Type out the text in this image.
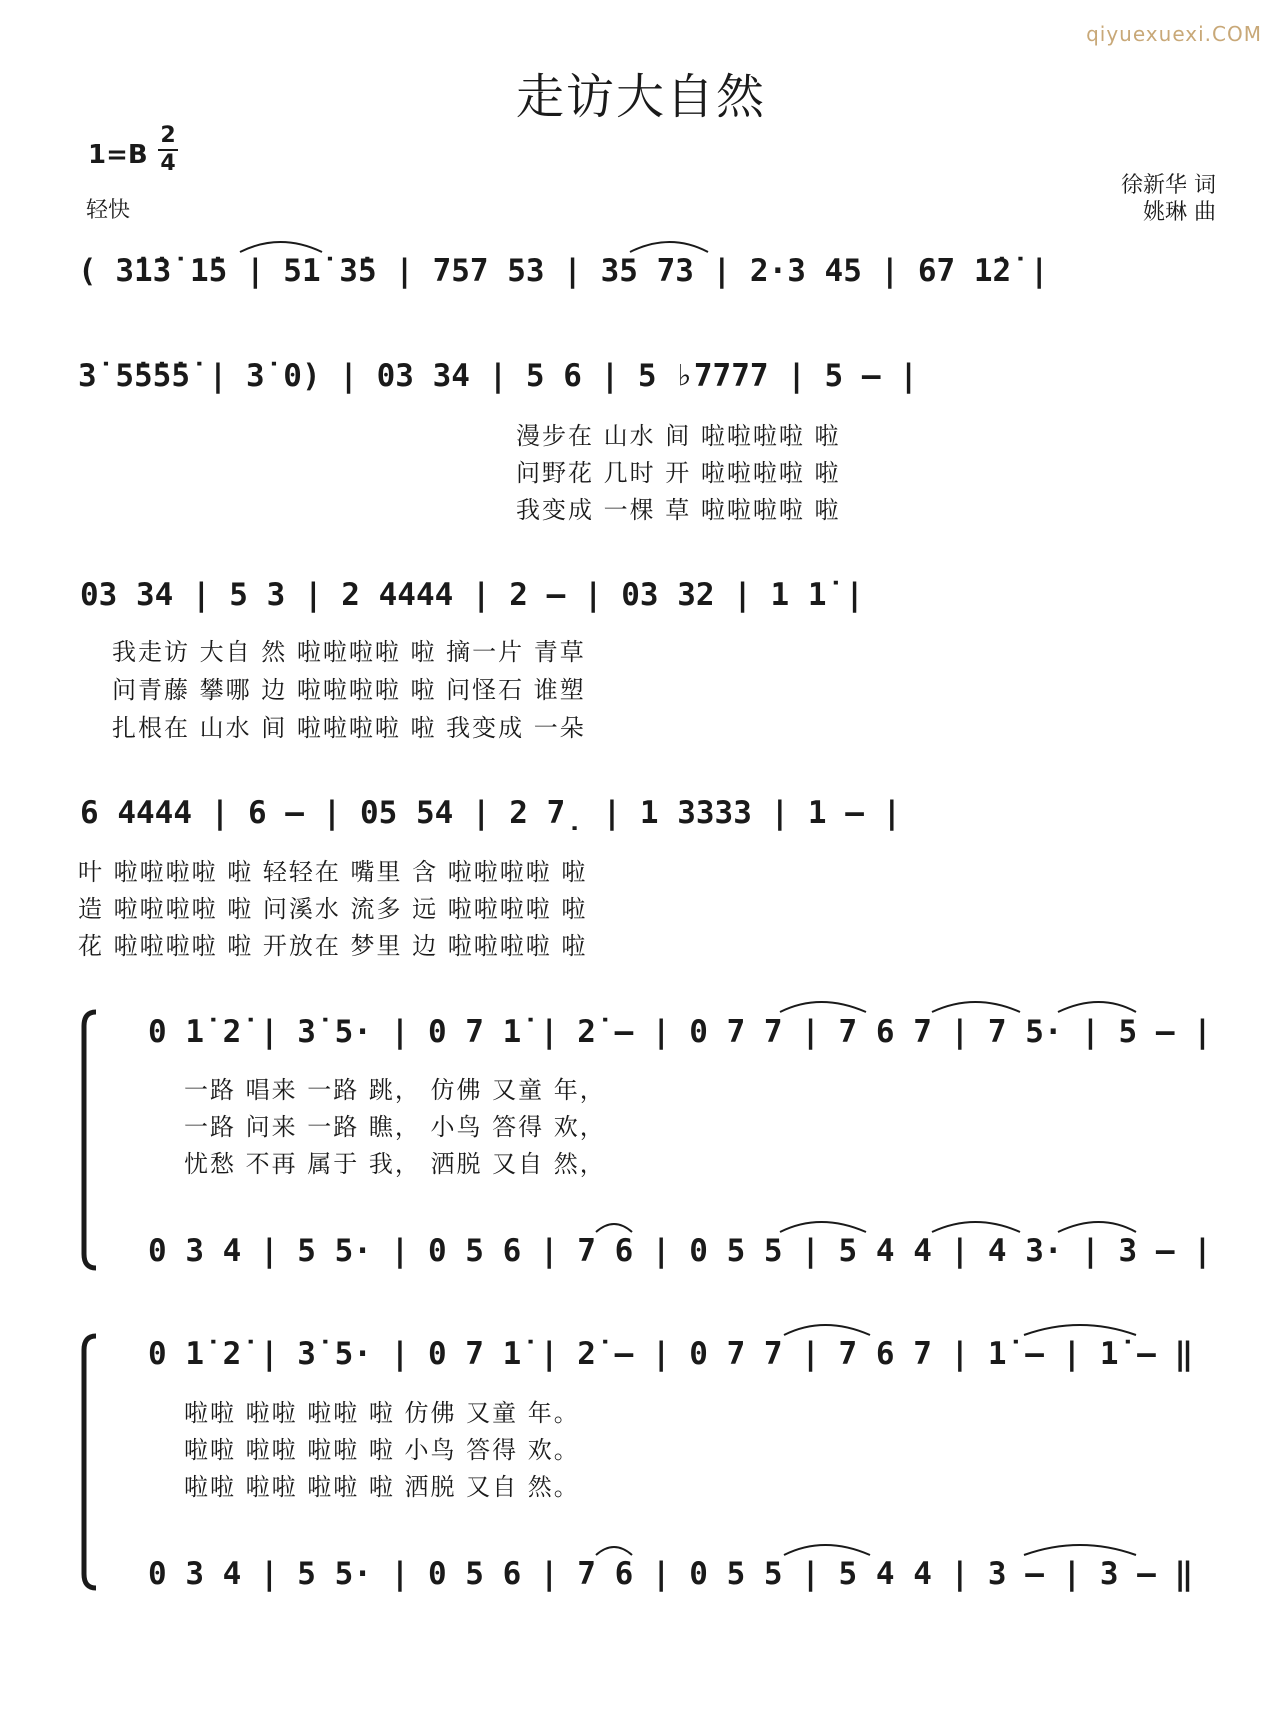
qiyuexuexi.COM
走访大自然
1=B
2
4
轻快
徐新华 词
姚琳 曲
( 3̇1̇3̇ 1̇5 | 51̇ 3̇5 | 757 53 | 35 73 | 2·3 45 | 67 1̇2̇ |
3̇ 5̇5̇5̇5̇ | 3̇ 0) | 03 34 | 5 6 | 5 ♭7777 | 5 – |
漫步在 山水 间 啦啦啦啦 啦
问野花 几时 开 啦啦啦啦 啦
我变成 一棵 草 啦啦啦啦 啦
03 34 | 5 3 | 2 4444 | 2 – | 03 32 | 1 1̇ |
我走访 大自 然 啦啦啦啦 啦 摘一片 青草
问青藤 攀哪 边 啦啦啦啦 啦 问怪石 谁塑
扎根在 山水 间 啦啦啦啦 啦 我变成 一朵
6 4444 | 6 – | 05 54 | 2 7̣ | 1 3333 | 1 – |
叶 啦啦啦啦 啦 轻轻在 嘴里 含 啦啦啦啦 啦
造 啦啦啦啦 啦 问溪水 流多 远 啦啦啦啦 啦
花 啦啦啦啦 啦 开放在 梦里 边 啦啦啦啦 啦
0 1̇ 2̇ | 3̇ 5· | 0 7 1̇ | 2̇ – | 0 7 7 | 7 6 7 | 7 5· | 5 – |
一路 唱来 一路 跳， 仿佛 又童 年，
一路 问来 一路 瞧， 小鸟 答得 欢，
忧愁 不再 属于 我， 洒脱 又自 然，
0 3 4 | 5 5· | 0 5 6 | 7 6 | 0 5 5 | 5 4 4 | 4 3· | 3 – |
0 1̇ 2̇ | 3̇ 5· | 0 7 1̇ | 2̇ – | 0 7 7 | 7 6 7 | 1̇ – | 1̇ – ‖
啦啦 啦啦 啦啦 啦 仿佛 又童 年。
啦啦 啦啦 啦啦 啦 小鸟 答得 欢。
啦啦 啦啦 啦啦 啦 洒脱 又自 然。
0 3 4 | 5 5· | 0 5 6 | 7 6 | 0 5 5 | 5 4 4 | 3 – | 3 – ‖
